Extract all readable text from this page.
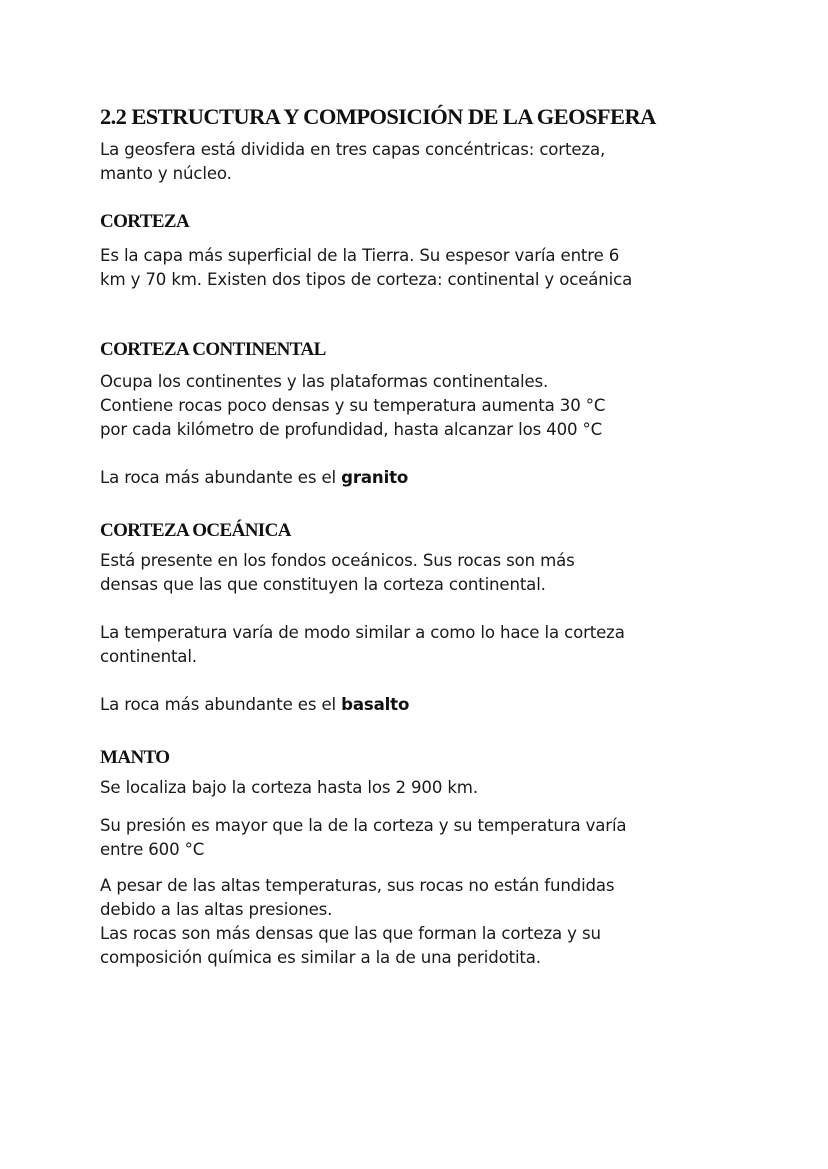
2.2 ESTRUCTURA Y COMPOSICIÓN DE LA GEOSFERA

La geosfera está dividida en tres capas concéntricas: corteza,
manto y núcleo.

CORTEZA

Es la capa más superficial de la Tierra. Su espesor varía entre 6
km y 70 km. Existen dos tipos de corteza: continental y oceánica

CORTEZA CONTINENTAL

Ocupa los continentes y las plataformas continentales.
Contiene rocas poco densas y su temperatura aumenta 30 °C
por cada kilómetro de profundidad, hasta alcanzar los 400 °C

La roca más abundante es el granito

CORTEZA OCEÁNICA

Está presente en los fondos oceánicos. Sus rocas son más
densas que las que constituyen la corteza continental.

La temperatura varía de modo similar a como lo hace la corteza
continental.

La roca más abundante es el basalto

MANTO

Se localiza bajo la corteza hasta los 2 900 km.

Su presión es mayor que la de la corteza y su temperatura varía
entre 600 °C

A pesar de las altas temperaturas, sus rocas no están fundidas
debido a las altas presiones.
Las rocas son más densas que las que forman la corteza y su
composición química es similar a la de una peridotita.
